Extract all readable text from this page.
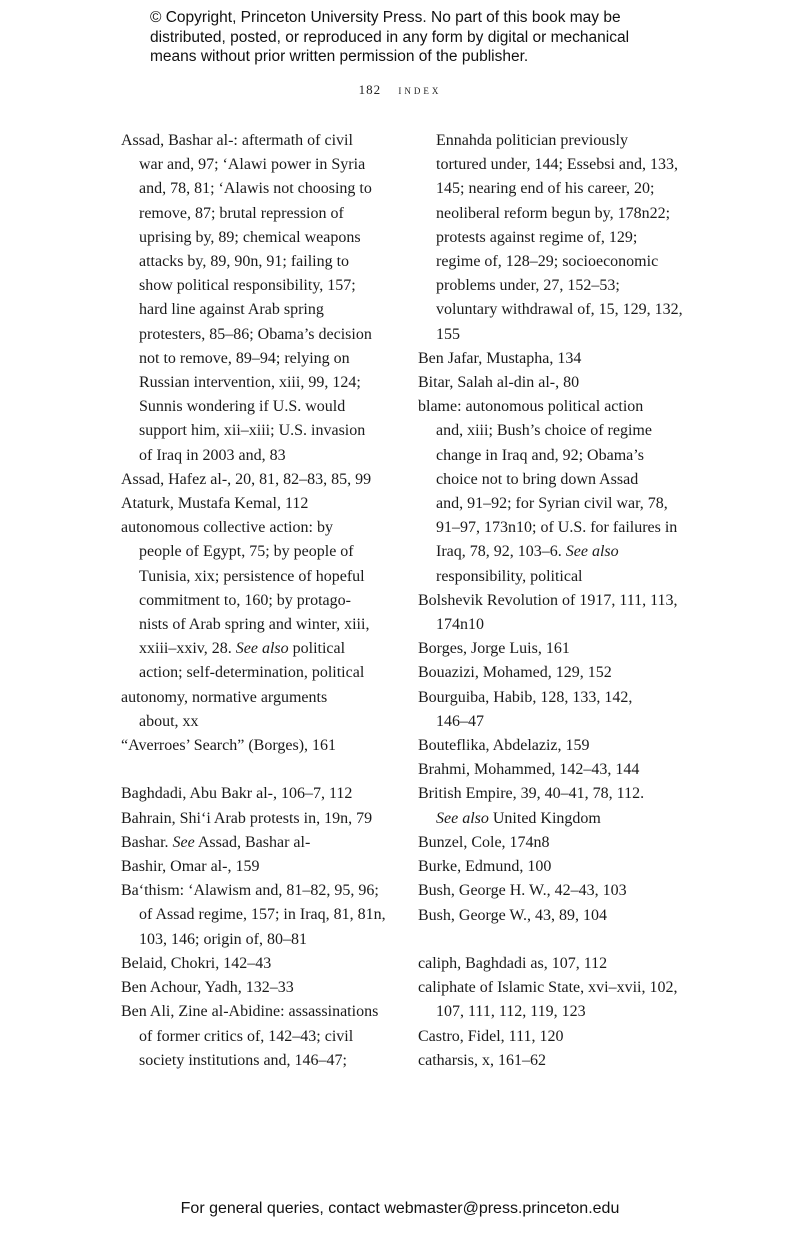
© Copyright, Princeton University Press. No part of this book may be
distributed, posted, or reproduced in any form by digital or mechanical
means without prior written permission of the publisher.
182 index
Assad, Bashar al-: aftermath of civil
war and, 97; ‘Alawi power in Syria
and, 78, 81; ‘Alawis not choosing to
remove, 87; brutal repression of
uprising by, 89; chemical weapons
attacks by, 89, 90n, 91; failing to
show political responsibility, 157;
hard line against Arab spring
protesters, 85–86; Obama’s decision
not to remove, 89–94; relying on
Russian intervention, xiii, 99, 124;
Sunnis wondering if U.S. would
support him, xii–xiii; U.S. invasion
of Iraq in 2003 and, 83
Assad, Hafez al-, 20, 81, 82–83, 85, 99
Ataturk, Mustafa Kemal, 112
autonomous collective action: by
people of Egypt, 75; by people of
Tunisia, xix; persistence of hopeful
commitment to, 160; by protago-
nists of Arab spring and winter, xiii,
xxiii–xxiv, 28. See also political
action; self-determination, political
autonomy, normative arguments
about, xx
“Averroes’ Search” (Borges), 161
Baghdadi, Abu Bakr al-, 106–7, 112
Bahrain, Shi‘i Arab protests in, 19n, 79
Bashar. See Assad, Bashar al-
Bashir, Omar al-, 159
Ba‘thism: ‘Alawism and, 81–82, 95, 96;
of Assad regime, 157; in Iraq, 81, 81n,
103, 146; origin of, 80–81
Belaid, Chokri, 142–43
Ben Achour, Yadh, 132–33
Ben Ali, Zine al-Abidine: assassinations
of former critics of, 142–43; civil
society institutions and, 146–47;
Ennahda politician previously
tortured under, 144; Essebsi and, 133,
145; nearing end of his career, 20;
neoliberal reform begun by, 178n22;
protests against regime of, 129;
regime of, 128–29; socioeconomic
problems under, 27, 152–53;
voluntary withdrawal of, 15, 129, 132,
155
Ben Jafar, Mustapha, 134
Bitar, Salah al-din al-, 80
blame: autonomous political action
and, xiii; Bush’s choice of regime
change in Iraq and, 92; Obama’s
choice not to bring down Assad
and, 91–92; for Syrian civil war, 78,
91–97, 173n10; of U.S. for failures in
Iraq, 78, 92, 103–6. See also
responsibility, political
Bolshevik Revolution of 1917, 111, 113,
174n10
Borges, Jorge Luis, 161
Bouazizi, Mohamed, 129, 152
Bourguiba, Habib, 128, 133, 142,
146–47
Bouteflika, Abdelaziz, 159
Brahmi, Mohammed, 142–43, 144
British Empire, 39, 40–41, 78, 112.
See also United Kingdom
Bunzel, Cole, 174n8
Burke, Edmund, 100
Bush, George H. W., 42–43, 103
Bush, George W., 43, 89, 104
caliph, Baghdadi as, 107, 112
caliphate of Islamic State, xvi–xvii, 102,
107, 111, 112, 119, 123
Castro, Fidel, 111, 120
catharsis, x, 161–62
For general queries, contact webmaster@press.princeton.edu
